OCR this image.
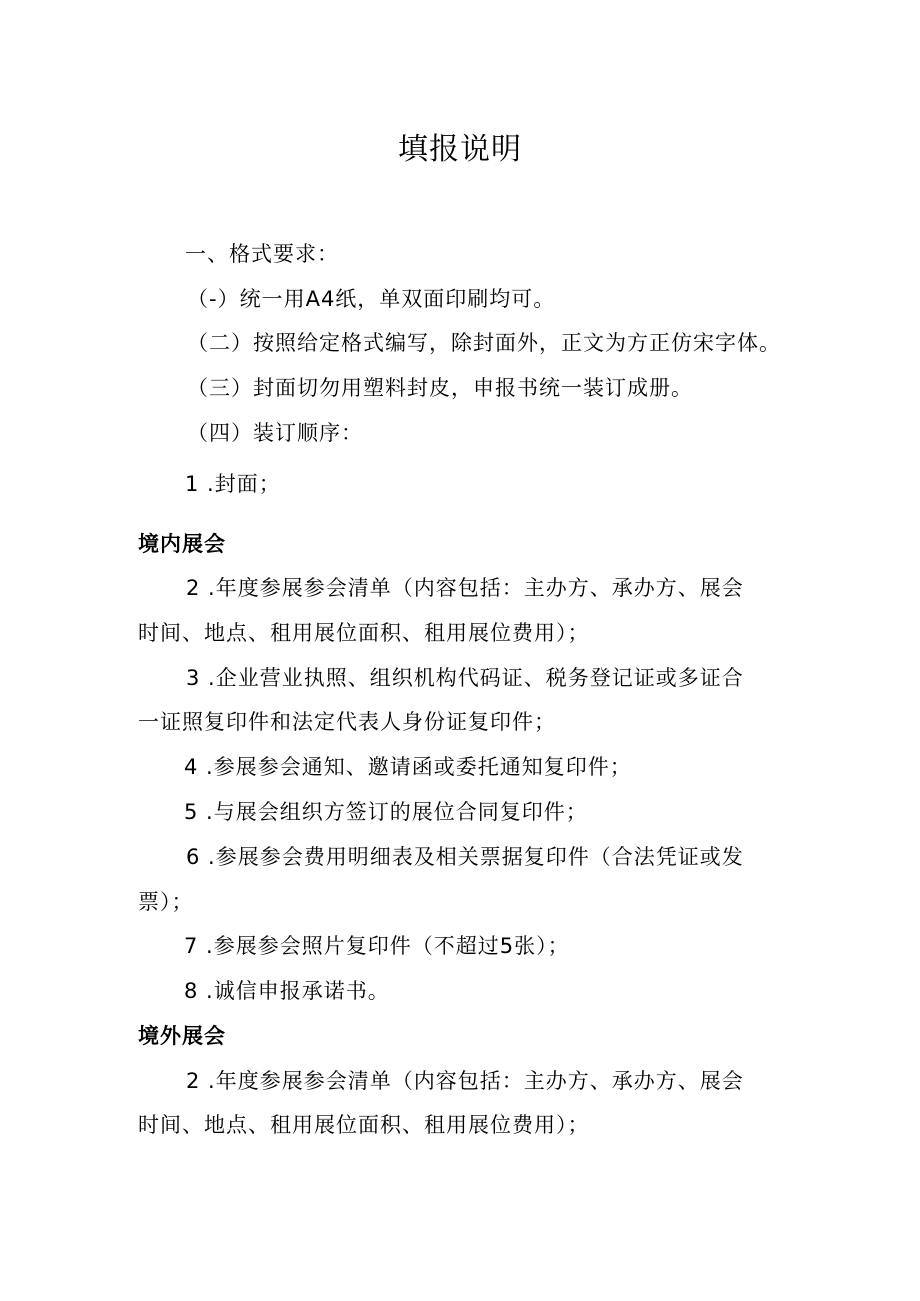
填报说明
一、格式要求：
（-）统一用A4纸，单双面印刷均可。
（二）按照给定格式编写，除封面外，正文为方正仿宋字体。
（三）封面切勿用塑料封皮，申报书统一装订成册。
（四）装订顺序：
1 .封面；
境内展会
2 .年度参展参会清单（内容包括：主办方、承办方、展会
时间、地点、租用展位面积、租用展位费用）；
3 .企业营业执照、组织机构代码证、税务登记证或多证合
一证照复印件和法定代表人身份证复印件；
4 .参展参会通知、邀请函或委托通知复印件；
5 .与展会组织方签订的展位合同复印件；
6 .参展参会费用明细表及相关票据复印件（合法凭证或发
票）；
7 .参展参会照片复印件（不超过5张）；
8 .诚信申报承诺书。
境外展会
2 .年度参展参会清单（内容包括：主办方、承办方、展会
时间、地点、租用展位面积、租用展位费用）；
